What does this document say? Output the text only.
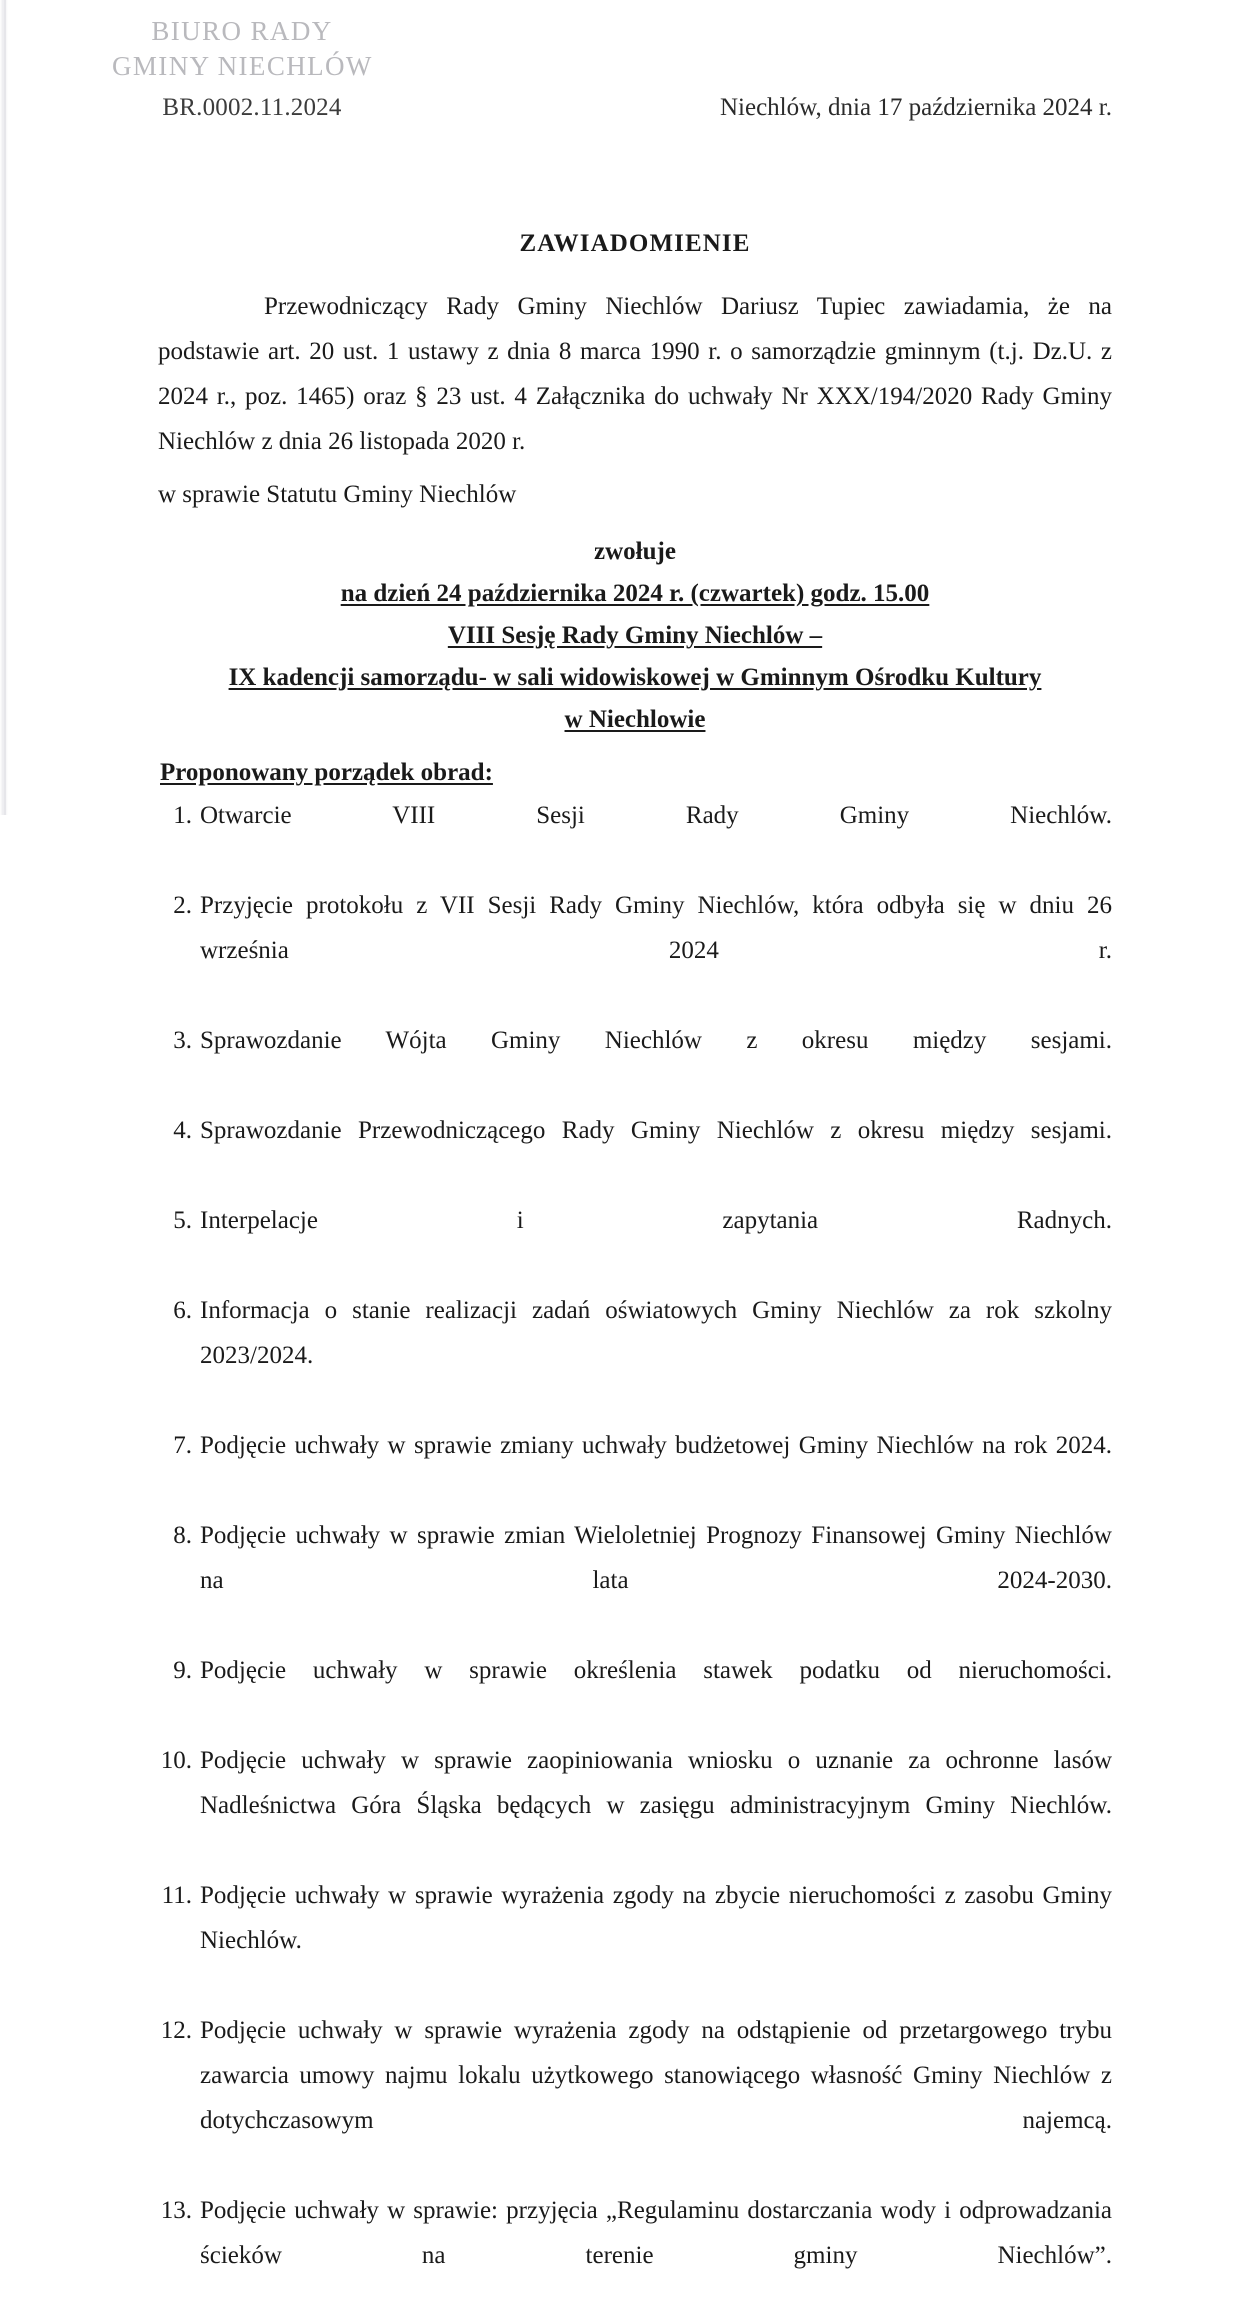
BIURO RADY
GMINY NIECHLÓW
BR.0002.11.2024	Niechlów, dnia 17 października 2024 r.
ZAWIADOMIENIE

Przewodniczący Rady Gminy Niechlów Dariusz Tupiec zawiadamia, że na podstawie art. 20 ust. 1 ustawy z dnia 8 marca 1990 r. o samorządzie gminnym (t.j. Dz.U. z 2024 r., poz. 1465) oraz § 23 ust. 4 Załącznika do uchwały Nr XXX/194/2020 Rady Gminy Niechlów z dnia 26 listopada 2020 r.

w sprawie Statutu Gminy Niechlów

zwołuje

na dzień 24 października 2024 r. (czwartek) godz. 15.00

VIII Sesję Rady Gminy Niechlów –

IX kadencji samorządu- w sali widowiskowej w Gminnym Ośrodku Kultury

w Niechlowie

Proponowany porządek obrad:
1. Otwarcie VIII Sesji Rady Gminy Niechlów.
2. Przyjęcie protokołu z VII Sesji Rady Gminy Niechlów, która odbyła się w dniu 26 września 2024 r.
3. Sprawozdanie Wójta Gminy Niechlów z okresu między sesjami.
4. Sprawozdanie Przewodniczącego Rady Gminy Niechlów z okresu między sesjami.
5. Interpelacje i zapytania Radnych.
6. Informacja o stanie realizacji zadań oświatowych Gminy Niechlów za rok szkolny 2023/2024.
7. Podjęcie uchwały w sprawie zmiany uchwały budżetowej Gminy Niechlów na rok 2024.
8. Podjęcie uchwały w sprawie zmian Wieloletniej Prognozy Finansowej Gminy Niechlów na lata 2024-2030.
9. Podjęcie uchwały w sprawie określenia stawek podatku od nieruchomości.
10. Podjęcie uchwały w sprawie zaopiniowania wniosku o uznanie za ochronne lasów Nadleśnictwa Góra Śląska będących w zasięgu administracyjnym Gminy Niechlów.
11. Podjęcie uchwały w sprawie wyrażenia zgody na zbycie nieruchomości z zasobu Gminy Niechlów.
12. Podjęcie uchwały w sprawie wyrażenia zgody na odstąpienie od przetargowego trybu zawarcia umowy najmu lokalu użytkowego stanowiącego własność Gminy Niechlów z dotychczasowym najemcą.
13. Podjęcie uchwały w sprawie: przyjęcia „Regulaminu dostarczania wody i odprowadzania ścieków na terenie gminy Niechlów”.
